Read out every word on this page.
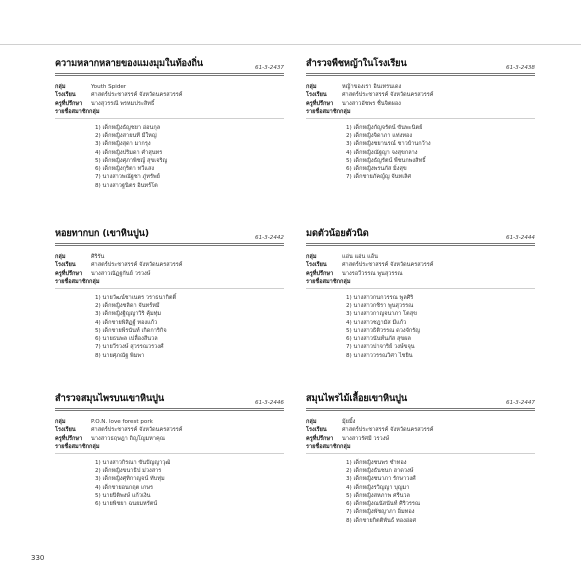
ความหลากหลายของแมงมุมในท้องถิ่น	61-3-2437
กลุ่ม	Youth Spider
โรงเรียน	ศาสตร์ประชาสรรค์ จังหวัดนครสวรรค์
ครูที่ปรึกษา	นางสุวรรณี พรหมประสิทธิ์
รายชื่อสมาชิกกลุ่ม
1) เด็กหญิงธัญชยา อ่อนกุล
2) เด็กหญิงสายนที มีใหญ่
3) เด็กหญิงสุดา มากรุง
4) เด็กหญิงปริมดา คำสุนทร
5) เด็กหญิงศุภาพิชญ์ สุขเจริญ
6) เด็กหญิงกุริตา ทวีแสง
7) นางสาวพณัฐชา ภู่ทรัพย์
8) นางสาวฐนิตร อินทร์โต
สำรวจพืชหญ้าในโรงเรียน	61-3-2438
กลุ่ม	หญ้าของเรา อินเทรนเดง
โรงเรียน	ศาสตร์ประชาสรรค์ จังหวัดนครสวรรค์
ครูที่ปรึกษา	นางสาวอัชพร ชื่นจิตผอง
รายชื่อสมาชิกกลุ่ม
1) เด็กหญิงกัญจรัตน์ ขันพะนิตย์
2) เด็กหญิงจิดาภา แท่งทอง
3) เด็กหญิงชยานรณ์ ชาวบ้านกว้าง
4) เด็กหญิงณัฐญา จงสุขกลาง
5) เด็กหญิงธัญรัตน์ พืชนกพงสิทธิ์
6) เด็กหญิงพรนภัส มิ่งสุข
7) เด็กชายภัคญ์ญ จันทเลิศ
หอยทากบก (เขาหินปูน)	61-3-2442
กลุ่ม	ศิริรัน
โรงเรียน	ศาสตร์ประชาสรรค์ จังหวัดนครสวรรค์
ครูที่ปรึกษา	นางสาวณัฏฐกันย์ วรวงษ์
รายชื่อสมาชิกกลุ่ม
1) นายวัฒน์ชาเนตร วราธนากิตติ์
2) เด็กหญิงชลิดา จันทร์หมี
3) เด็กหญิงฐิญญาวิริ คุ้มทุ่ม
4) เด็กชายพิสิฏฐ์ ทองแก้ว
5) เด็กชายพีรนันท์ เกิดการิกิจ
6) นายธนพล เปลื่องสีนวล
7) นายวีรวงษ์ สุวรรณวรวงศ์
8) นายศุภณัฐ พิมพา
มดตัวน้อยตัวนิด	61-3-2444
กลุ่ม	แอ่น แอ่น แอ้น
โรงเรียน	ศาสตร์ประชาสรรค์ จังหวัดนครสวรรค์
ครูที่ปรึกษา	นางรอวีวรรณ พูนสุวรรณ
รายชื่อสมาชิกกลุ่ม
1) นางสาวกนกวรรณ พูลศิริ
2) นางสาวกชิรา พูนสุวรรณ
3) นางสาวกาญจนาภา โตสุข
4) นางสาวชฎามัส มีแก้ว
5) นางสาวธิติวรรณ ดวงจักรัญ
6) นางสาวนันท์นภัส สุขผล
7) นางสาวปาจาริย์ วงษ์ขจุน
8) นางสาววรรณวิศา ไชยิน
สำรวจสมุนไพรบนเขาหินปูน	61-3-2446
กลุ่ม	P.O.N. love forest pork
โรงเรียน	ศาสตร์ประชาสรรค์ จังหวัดนครสวรรค์
ครูที่ปรึกษา	นางสาวธฤษฎา ถิญโญมหาคุณ
รายชื่อสมาชิกกลุ่ม
1) นางสาวกิรณา ขันปัญญาวุฒิ
2) เด็กหญิงขนาธิป ม่วงสาร
3) เด็กหญิงศุทิกาญจน์ ทับทุ่ม
4) เด็กชายอนกฤต เกษร
5) นายปิติพงษ์ แก้วเงิน
6) นายพิชยา ฉนยมหรัตน์
สมุนไพรไม้เลื้อยเขาหินปูน	61-3-2447
กลุ่ม	มุ้ยมิ้ง
โรงเรียน	ศาสตร์ประชาสรรค์ จังหวัดนครสวรรค์
ครูที่ปรึกษา	นางสาวรัศมี วรวงษ์
รายชื่อสมาชิกกลุ่ม
1) เด็กหญิงชนพร ซำทอง
2) เด็กหญิงธันชนก ฮาดวงษ์
3) เด็กหญิงชนาภา รักษาวงศ์
4) เด็กหญิงรวิญญา บุญมา
5) เด็กหญิงสหภาพ ศรีนวล
6) เด็กหญิงณนัสนันท์ ศิริวรรณ
7) เด็กหญิงพัชญาภา อิ่มทอง
8) เด็กชายกิตติพันธ์ ทองอ่อศ
330
